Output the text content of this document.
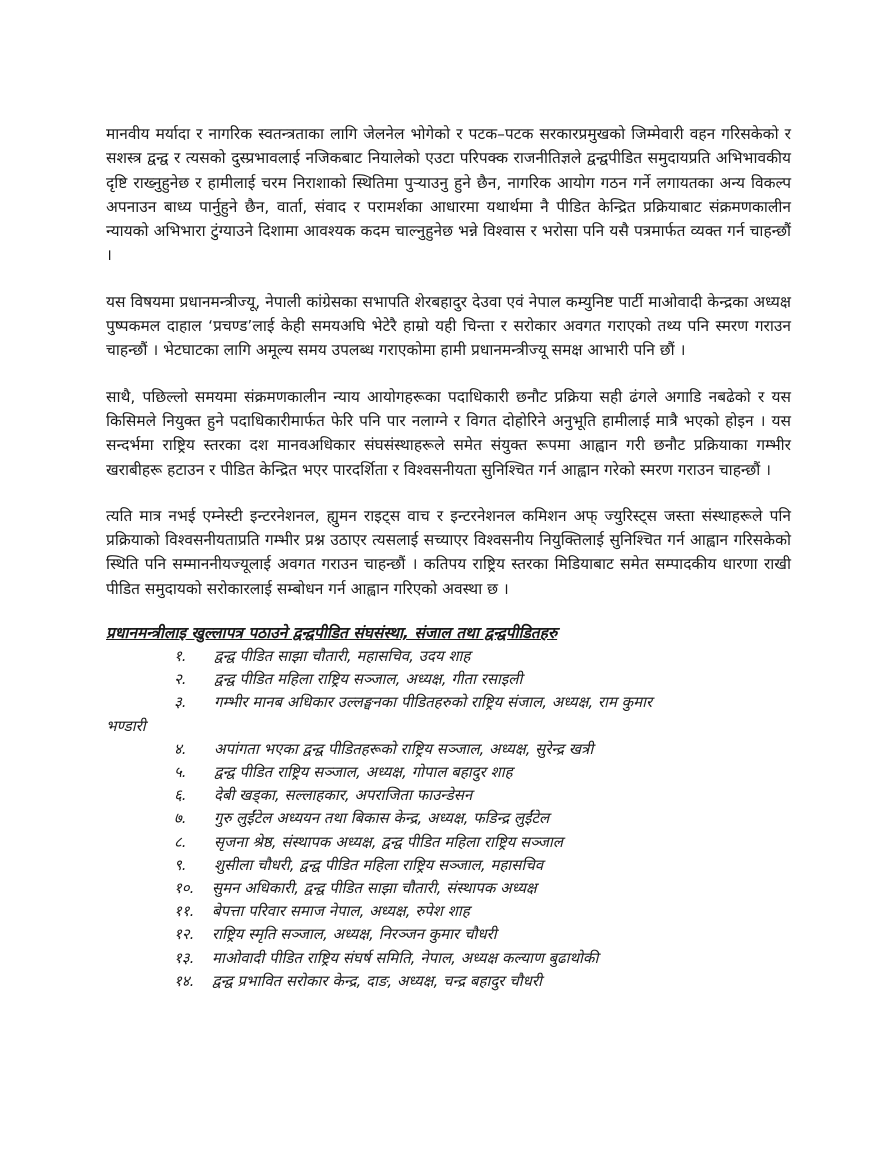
मानवीय मर्यादा र नागरिक स्वतन्त्रताका लागि जेलनेल भोगेको र पटक–पटक सरकारप्रमुखको जिम्मेवारी वहन गरिसकेको र सशस्त्र द्वन्द्व र त्यसको दुस्प्रभावलाई नजिकबाट नियालेको एउटा परिपक्क राजनीतिज्ञले द्वन्द्वपीडित समुदायप्रति अभिभावकीय दृष्टि राख्नुहुनेछ र हामीलाई चरम निराशाको स्थितिमा पुऱ्याउनु हुने छैन, नागरिक आयोग गठन गर्ने लगायतका अन्य विकल्प अपनाउन बाध्य पार्नुहुने छैन, वार्ता, संवाद र परामर्शका आधारमा यथार्थमा नै पीडित केन्द्रित प्रक्रियाबाट संक्रमणकालीन न्यायको अभिभारा टुंग्याउने दिशामा आवश्यक कदम चाल्नुहुनेछ भन्ने विश्वास र भरोसा पनि यसै पत्रमार्फत व्यक्त गर्न चाहन्छौं ।

यस विषयमा प्रधानमन्त्रीज्यू, नेपाली कांग्रेसका सभापति शेरबहादुर देउवा एवं नेपाल कम्युनिष्ट पार्टी माओवादी केन्द्रका अध्यक्ष पुष्पकमल दाहाल ‘प्रचण्ड’लाई केही समयअघि भेटेरै हाम्रो यही चिन्ता र सरोकार अवगत गराएको तथ्य पनि स्मरण गराउन चाहन्छौं । भेटघाटका लागि अमूल्य समय उपलब्ध गराएकोमा हामी प्रधानमन्त्रीज्यू समक्ष आभारी पनि छौं ।

साथै, पछिल्लो समयमा संक्रमणकालीन न्याय आयोगहरूका पदाधिकारी छनौट प्रक्रिया सही ढंगले अगाडि नबढेको र यस किसिमले नियुक्त हुने पदाधिकारीमार्फत फेरि पनि पार नलाग्ने र विगत दोहोरिने अनुभूति हामीलाई मात्रै भएको होइन । यस सन्दर्भमा राष्ट्रिय स्तरका दश मानवअधिकार संघसंस्थाहरूले समेत संयुक्त रूपमा आह्वान गरी छनौट प्रक्रियाका गम्भीर खराबीहरू हटाउन र पीडित केन्द्रित भएर पारदर्शिता र विश्वसनीयता सुनिश्चित गर्न आह्वान गरेको स्मरण गराउन चाहन्छौं ।

त्यति मात्र नभई एम्नेस्टी इन्टरनेशनल, ह्युमन राइट्स वाच र इन्टरनेशनल कमिशन अफ् ज्युरिस्ट्स जस्ता संस्थाहरूले पनि प्रक्रियाको विश्वसनीयताप्रति गम्भीर प्रश्न उठाएर त्यसलाई सच्याएर विश्वसनीय नियुक्तिलाई सुनिश्चित गर्न आह्वान गरिसकेको स्थिति पनि सम्माननीयज्यूलाई अवगत गराउन चाहन्छौं । कतिपय राष्ट्रिय स्तरका मिडियाबाट समेत सम्पादकीय धारणा राखी पीडित समुदायको सरोकारलाई सम्बोधन गर्न आह्वान गरिएको अवस्था छ ।

प्रधानमन्त्रीलाइ खुल्लापत्र पठाउने द्वन्द्वपीडित संघसंस्था, संजाल तथा द्वन्द्वपीडितहरु

१.	द्वन्द्व पीडित साझा चौतारी, महासचिव, उदय शाह
२.	द्वन्द्व पीडित महिला राष्ट्रिय सञ्जाल, अध्यक्ष, गीता रसाइली
३.	गम्भीर मानब अधिकार उल्लङ्घनका पीडितहरुको राष्ट्रिय संजाल, अध्यक्ष, राम कुमार
भण्डारी
४.	अपांगता भएका द्वन्द्व पीडितहरूको राष्ट्रिय सञ्जाल, अध्यक्ष, सुरेन्द्र खत्री
५.	द्वन्द्व पीडित राष्ट्रिय सञ्जाल, अध्यक्ष, गोपाल बहादुर शाह
६.	देबी खड्का, सल्लाहकार, अपराजिता फाउन्डेसन
७.	गुरु लुईंटेल अध्ययन तथा बिकास केन्द्र, अध्यक्ष, फडिन्द्र लुईंटेल
८.	सृजना श्रेष्ठ, संस्थापक अध्यक्ष, द्वन्द्व पीडित महिला राष्ट्रिय सञ्जाल
९.	शुसीला चौधरी, द्वन्द्व पीडित महिला राष्ट्रिय सञ्जाल, महासचिव
१०.	सुमन अधिकारी, द्वन्द्व पीडित साझा चौतारी, संस्थापक अध्यक्ष
११.	बेपत्ता परिवार समाज नेपाल, अध्यक्ष, रुपेश शाह
१२.	राष्ट्रिय स्मृति सञ्जाल, अध्यक्ष, निरञ्जन कुमार चौधरी
१३.	माओवादी पीडित राष्ट्रिय संघर्ष समिति, नेपाल, अध्यक्ष कल्याण बुढाथोकी
१४.	द्वन्द्व प्रभावित सरोकार केन्द्र, दाङ, अध्यक्ष, चन्द्र बहादुर चौधरी
